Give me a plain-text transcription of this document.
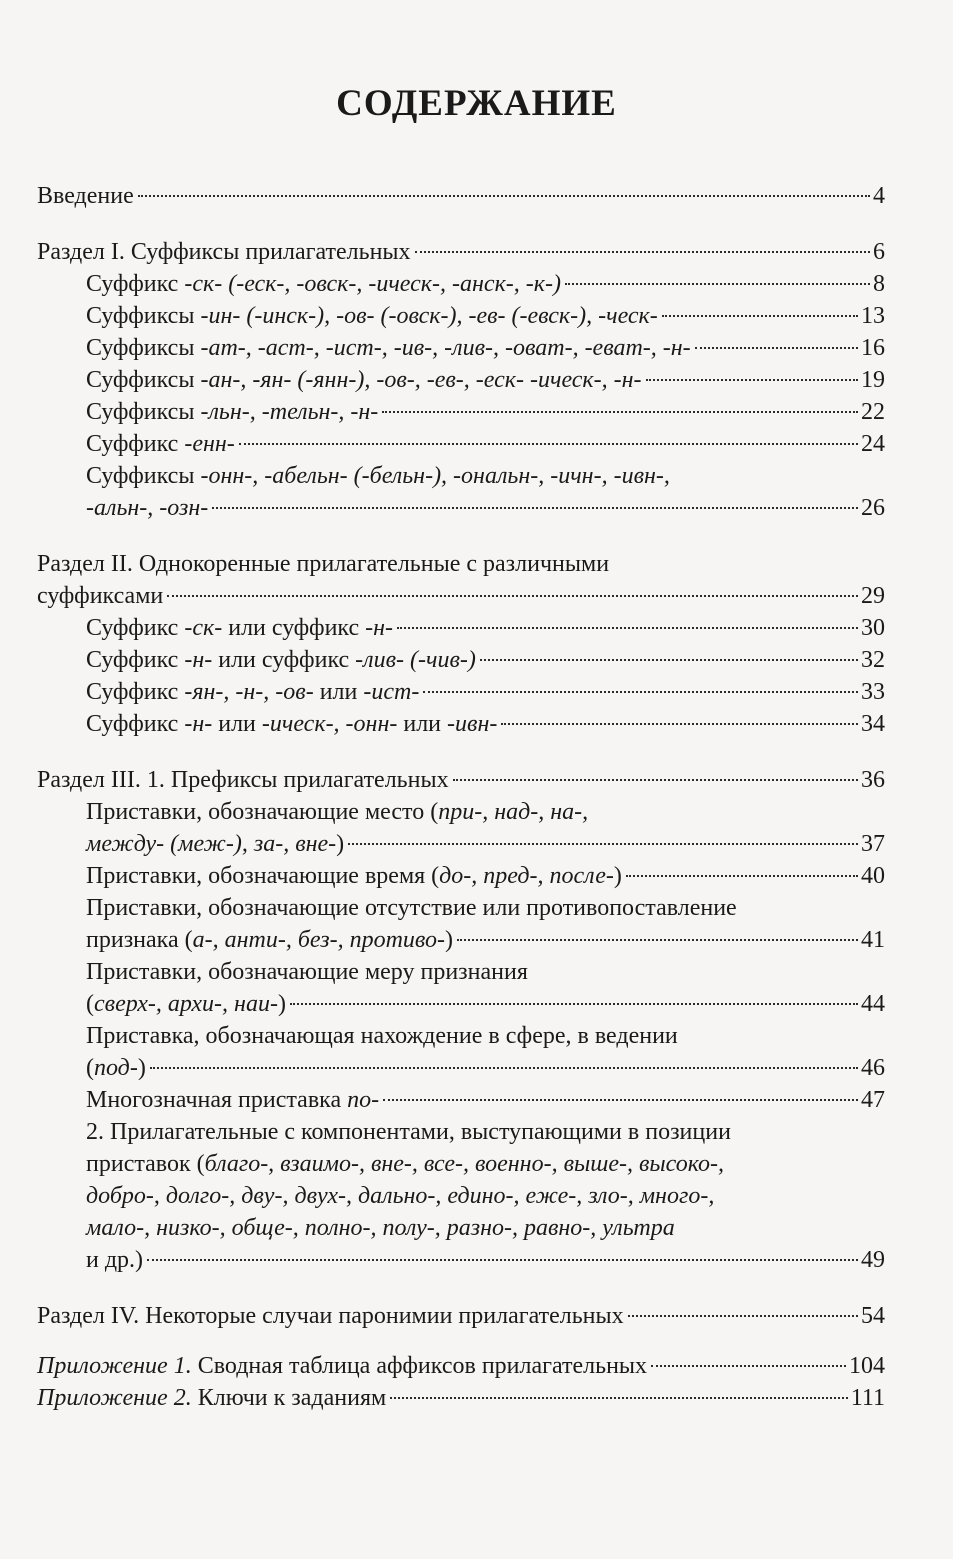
СОДЕРЖАНИЕ
Введение	4
Раздел I. Суффиксы прилагательных	6
Суффикс -ск- (-еск-, -овск-, -ическ-, -анск-, -к-)	8
Суффиксы -ин- (-инск-), -ов- (-овск-), -ев- (-евск-), -ческ-	13
Суффиксы -ат-, -аст-, -ист-, -ив-, -лив-, -оват-, -еват-, -н-	16
Суффиксы -ан-, -ян- (-янн-), -ов-, -ев-, -еск- -ическ-, -н-	19
Суффиксы -льн-, -тельн-, -н-	22
Суффикс -енн-	24
Суффиксы -онн-, -абельн- (-бельн-), -ональн-, -ичн-, -ивн-,
-альн-, -озн-	26
Раздел II. Однокоренные прилагательные с различными
суффиксами	29
Суффикс -ск- или суффикс -н-	30
Суффикс -н- или суффикс -лив- (-чив-)	32
Суффикс -ян-, -н-, -ов- или -ист-	33
Суффикс -н- или -ическ-, -онн- или -ивн-	34
Раздел III. 1. Префиксы прилагательных	36
Приставки, обозначающие место (при-, над-, на-,
между- (меж-), за-, вне-)	37
Приставки, обозначающие время (до-, пред-, после-)	40
Приставки, обозначающие отсутствие или противопоставление
признака (а-, анти-, без-, противо-)	41
Приставки, обозначающие меру признания
(сверх-, архи-, наи-)	44
Приставка, обозначающая нахождение в сфере, в ведении
(под-)	46
Многозначная приставка по-	47
2. Прилагательные с компонентами, выступающими в позиции
приставок (благо-, взаимо-, вне-, все-, военно-, выше-, высоко-,
добро-, долго-, дву-, двух-, дально-, едино-, еже-, зло-, много-,
мало-, низко-, обще-, полно-, полу-, разно-, равно-, ультра
и др.)	49
Раздел IV. Некоторые случаи паронимии прилагательных	54
Приложение 1. Сводная таблица аффиксов прилагательных	104
Приложение 2. Ключи к заданиям	111
